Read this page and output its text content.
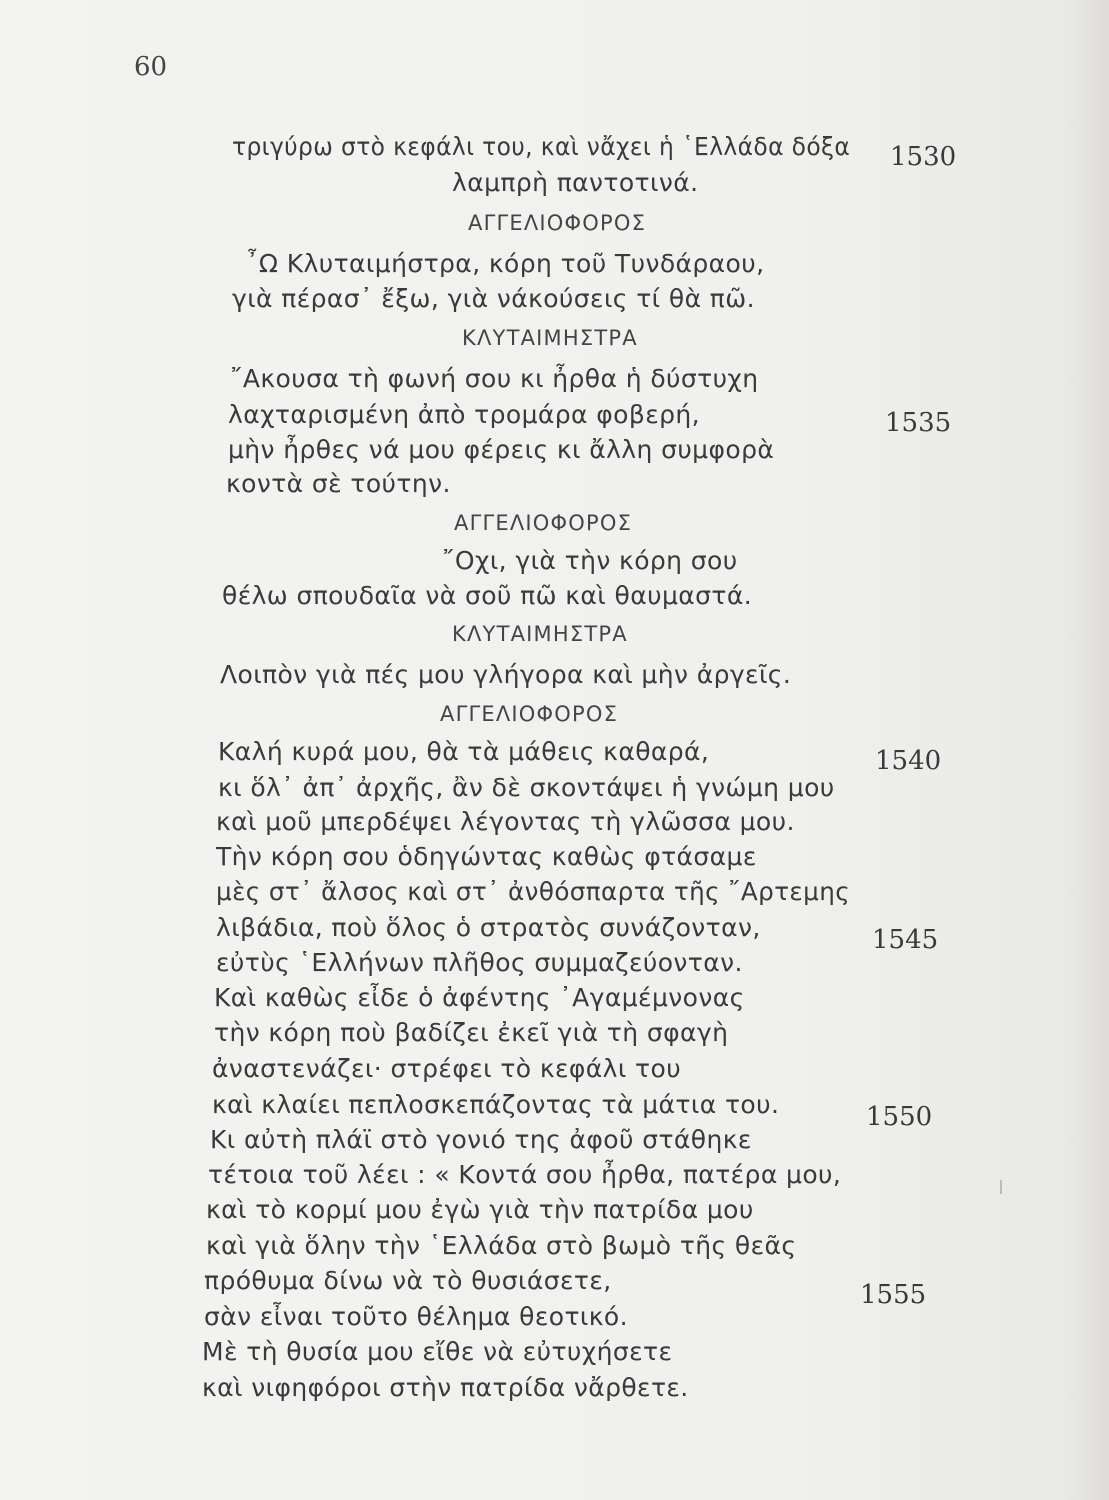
60
τριγύρω στὸ κεφάλι του, καὶ νἄχει ἡ ῾Ελλάδα δόξα
λαμπρὴ παντοτινά.
ΑΓΓΕΛΙΟΦΟΡΟΣ
῏Ω Κλυταιμήστρα, κόρη τοῦ Τυνδάραου,
γιὰ πέρασ᾽ ἔξω, γιὰ νάκούσεις τί θὰ πῶ.
ΚΛΥΤΑΙΜΗΣΤΡΑ
῎Ακουσα τὴ φωνή σου κι ἦρθα ἡ δύστυχη
λαχταρισμένη ἀπὸ τρομάρα φοβερή,
μὴν ἦρθες νά μου φέρεις κι ἄλλη συμφορὰ
κοντὰ σὲ τούτην.
ΑΓΓΕΛΙΟΦΟΡΟΣ
῎Οχι, γιὰ τὴν κόρη σου
θέλω σπουδαῖα νὰ σοῦ πῶ καὶ θαυμαστά.
ΚΛΥΤΑΙΜΗΣΤΡΑ
Λοιπὸν γιὰ πές μου γλήγορα καὶ μὴν ἀργεῖς.
ΑΓΓΕΛΙΟΦΟΡΟΣ
Καλή κυρά μου, θὰ τὰ μάθεις καθαρά,
κι ὅλ᾽ ἀπ᾽ ἀρχῆς, ἂν δὲ σκοντάψει ἡ γνώμη μου
καὶ μοῦ μπερδέψει λέγοντας τὴ γλῶσσα μου.
Τὴν κόρη σου ὁδηγώντας καθὼς φτάσαμε
μὲς στ᾽ ἄλσος καὶ στ᾽ ἀνθόσπαρτα τῆς ῎Αρτεμης
λιβάδια, ποὺ ὅλος ὁ στρατὸς συνάζονταν,
εὐτὺς ῾Ελλήνων πλῆθος συμμαζεύονταν.
Καὶ καθὼς εἶδε ὁ ἀφέντης ᾽Αγαμέμνονας
τὴν κόρη ποὺ βαδίζει ἐκεῖ γιὰ τὴ σφαγὴ
ἀναστενάζει· στρέφει τὸ κεφάλι του
καὶ κλαίει πεπλοσκεπάζοντας τὰ μάτια του.
Κι αὐτὴ πλάϊ στὸ γονιό της ἀφοῦ στάθηκε
τέτοια τοῦ λέει : « Κοντά σου ἦρθα, πατέρα μου,
καὶ τὸ κορμί μου ἐγὼ γιὰ τὴν πατρίδα μου
καὶ γιὰ ὅλην τὴν ῾Ελλάδα στὸ βωμὸ τῆς θεᾶς
πρόθυμα δίνω νὰ τὸ θυσιάσετε,
σὰν εἶναι τοῦτο θέλημα θεοτικό.
Μὲ τὴ θυσία μου εἴθε νὰ εὐτυχήσετε
καὶ νιφηφόροι στὴν πατρίδα νἄρθετε.
1530
1535
1540
1545
1550
1555
